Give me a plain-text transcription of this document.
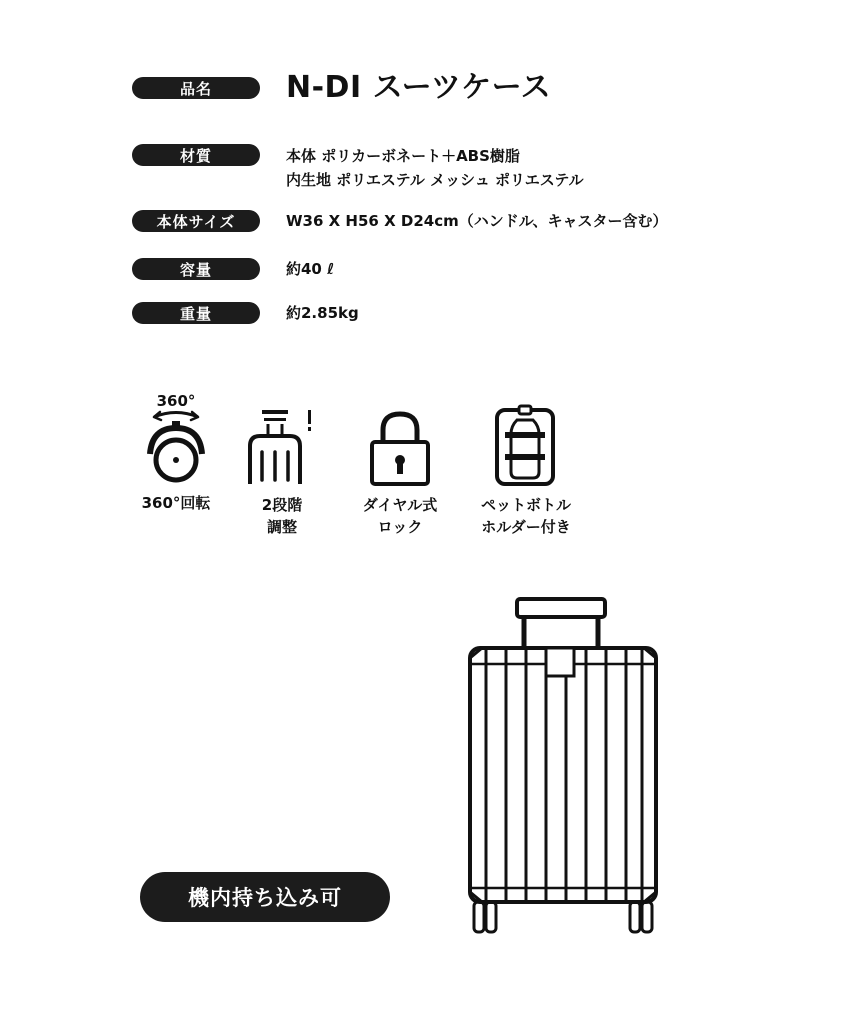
品名	N-DI スーツケース
材質	本体 ポリカーボネート＋ABS樹脂
内生地 ポリエステル メッシュ ポリエステル
本体サイズ	W36 X H56 X D24cm（ハンドル、キャスター含む）
容量	約40 ℓ
重量	約2.85kg
360°
360°回転	2段階
調整
ダイヤル式
ロック
ペットボトル
ホルダー付き
機内持ち込み可
